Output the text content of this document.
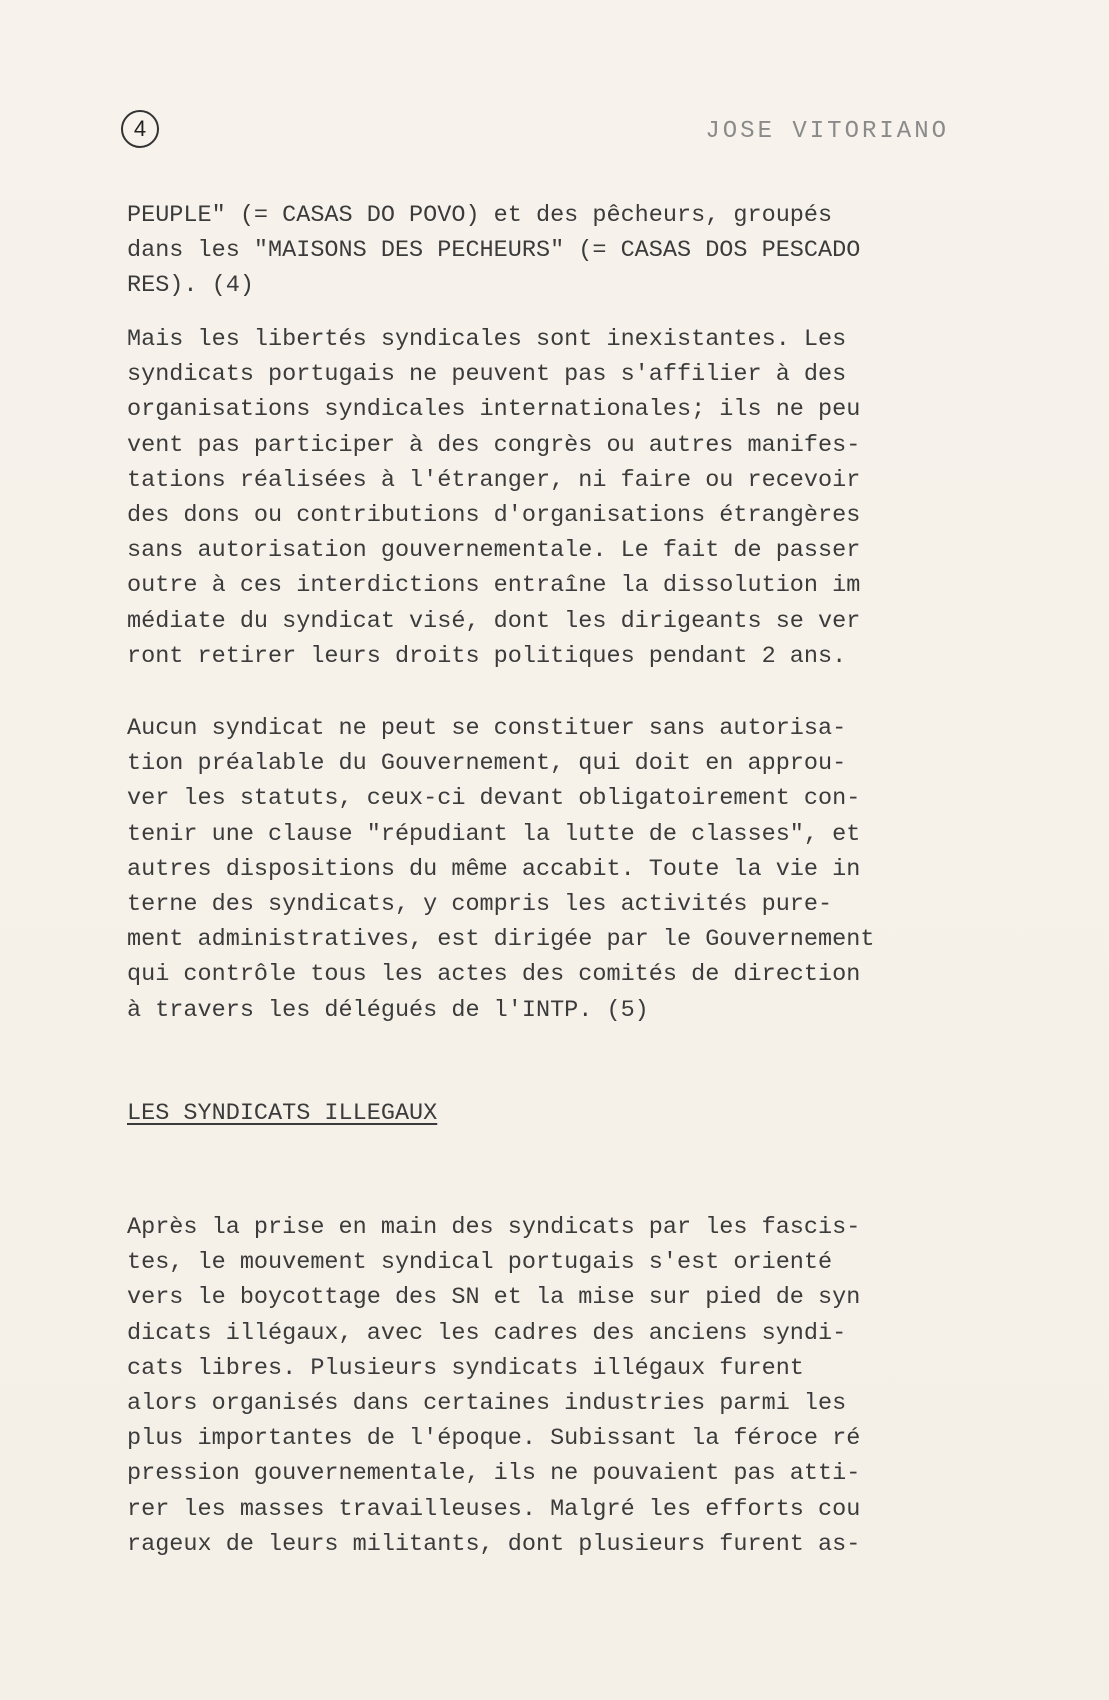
4	JOSE VITORIANO

PEUPLE" (= CASAS DO POVO) et des pêcheurs, groupés
dans les "MAISONS DES PECHEURS" (= CASAS DOS PESCADO
RES). (4)

Mais les libertés syndicales sont inexistantes. Les
syndicats portugais ne peuvent pas s'affilier à des
organisations syndicales internationales; ils ne peu
vent pas participer à des congrès ou autres manifes-
tations réalisées à l'étranger, ni faire ou recevoir
des dons ou contributions d'organisations étrangères
sans autorisation gouvernementale. Le fait de passer
outre à ces interdictions entraîne la dissolution im
médiate du syndicat visé, dont les dirigeants se ver
ront retirer leurs droits politiques pendant 2 ans.

Aucun syndicat ne peut se constituer sans autorisa-
tion préalable du Gouvernement, qui doit en approu-
ver les statuts, ceux-ci devant obligatoirement con-
tenir une clause "répudiant la lutte de classes", et
autres dispositions du même accabit. Toute la vie in
terne des syndicats, y compris les activités pure-
ment administratives, est dirigée par le Gouvernement
qui contrôle tous les actes des comités de direction
à travers les délégués de l'INTP. (5)

LES SYNDICATS ILLEGAUX

Après la prise en main des syndicats par les fascis-
tes, le mouvement syndical portugais s'est orienté
vers le boycottage des SN et la mise sur pied de syn
dicats illégaux, avec les cadres des anciens syndi-
cats libres. Plusieurs syndicats illégaux furent
alors organisés dans certaines industries parmi les
plus importantes de l'époque. Subissant la féroce ré
pression gouvernementale, ils ne pouvaient pas atti-
rer les masses travailleuses. Malgré les efforts cou
rageux de leurs militants, dont plusieurs furent as-
